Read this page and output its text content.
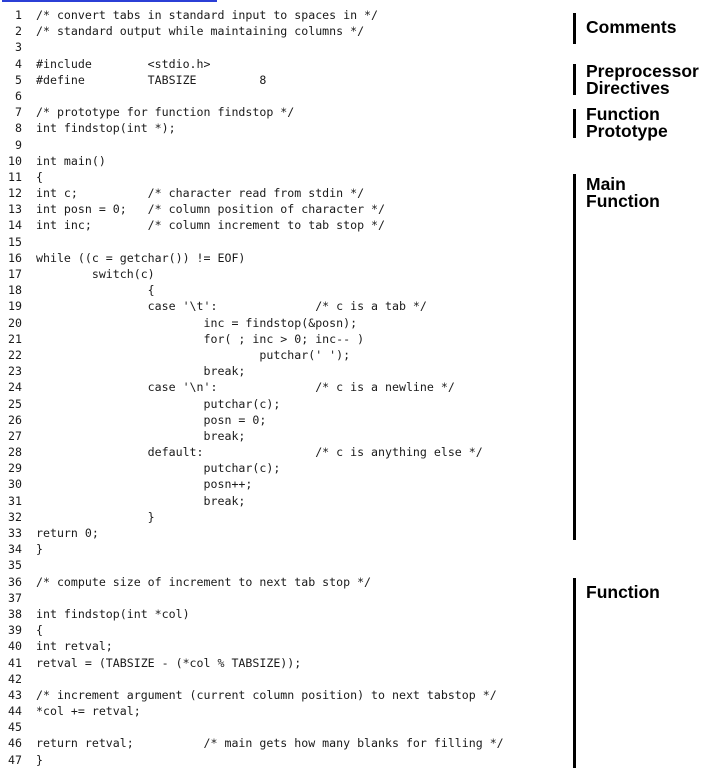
1 /* convert tabs in standard input to spaces in */
2 /* standard output while maintaining columns */
3
4 #include        <stdio.h>
5 #define         TABSIZE         8
6
7 /* prototype for function findstop */
8 int findstop(int *);
9
10 int main()
11 {
12 int c;          /* character read from stdin */
13 int posn = 0;   /* column position of character */
14 int inc;        /* column increment to tab stop */
15
16 while ((c = getchar()) != EOF)
17        switch(c)
18                {
19                case '\t':              /* c is a tab */
20                        inc = findstop(&posn);
21                        for( ; inc > 0; inc-- )
22                                putchar(' ');
23                        break;
24                case '\n':              /* c is a newline */
25                        putchar(c);
26                        posn = 0;
27                        break;
28                default:                /* c is anything else */
29                        putchar(c);
30                        posn++;
31                        break;
32                }
33 return 0;
34 }
35
36 /* compute size of increment to next tab stop */
37
38 int findstop(int *col)
39 {
40 int retval;
41 retval = (TABSIZE - (*col % TABSIZE));
42
43 /* increment argument (current column position) to next tabstop */
44 *col += retval;
45
46 return retval;          /* main gets how many blanks for filling */
47 }
Comments
Preprocessor
Directives
Function
Prototype
Main
Function
Function
